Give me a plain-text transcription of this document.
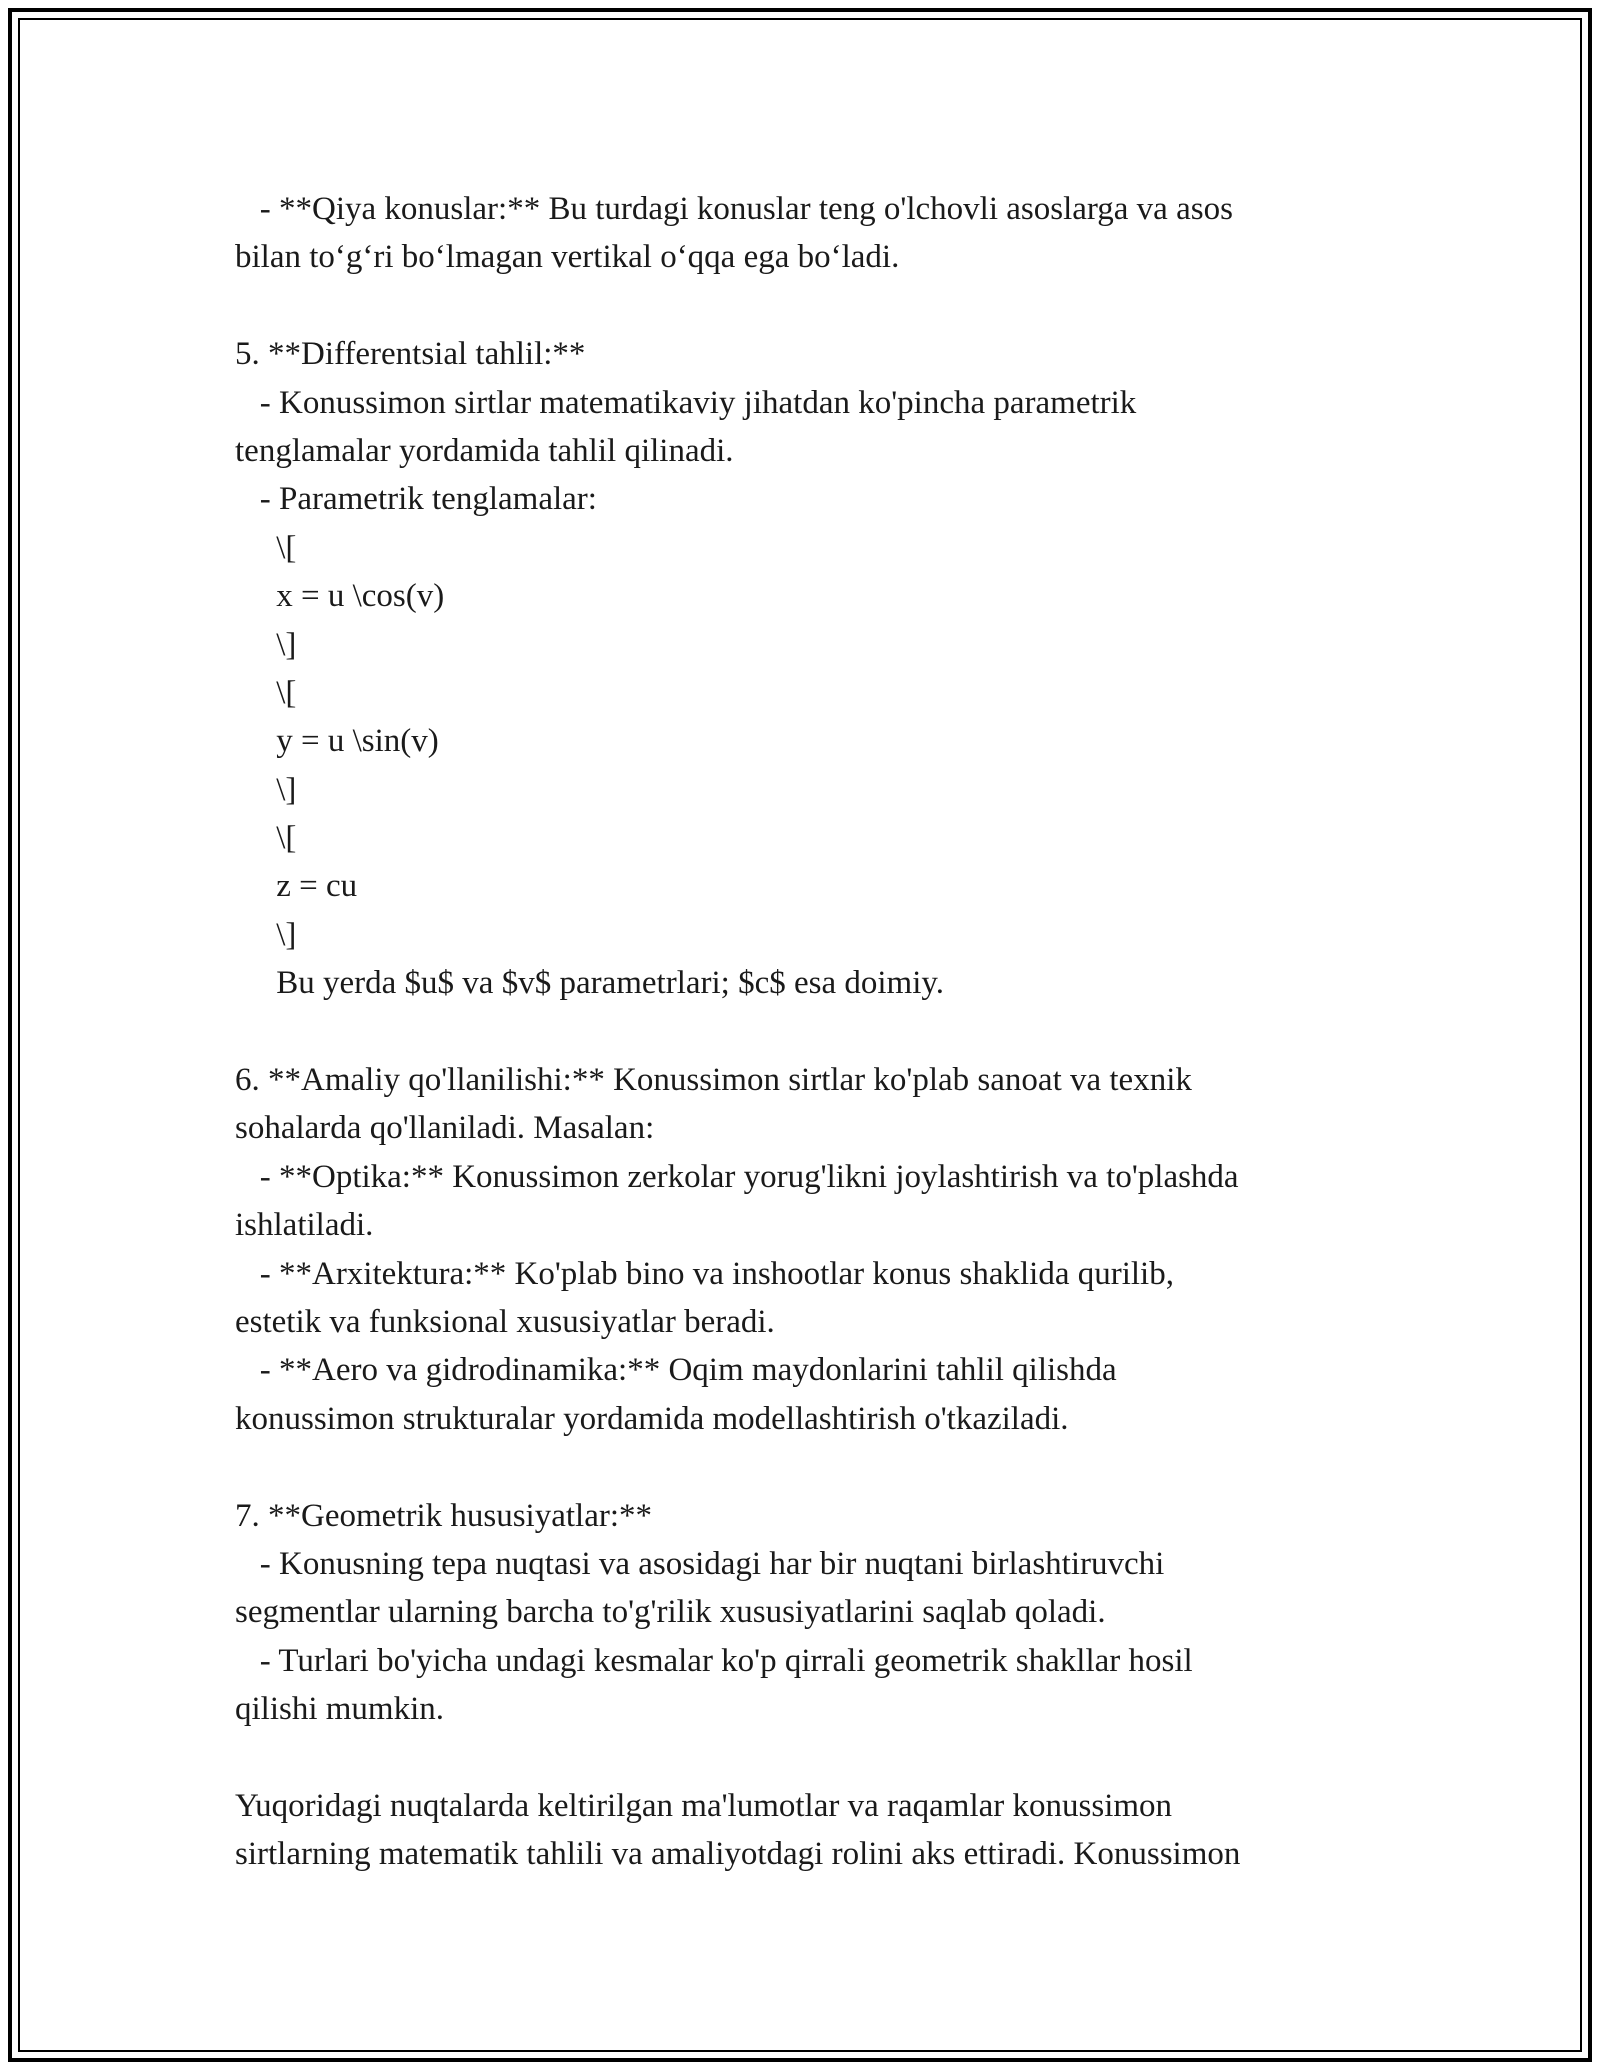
- **Qiya konuslar:** Bu turdagi konuslar teng o'lchovli asoslarga va asos
bilan to‘g‘ri bo‘lmagan vertikal o‘qqa ega bo‘ladi.
5. **Differentsial tahlil:**
- Konussimon sirtlar matematikaviy jihatdan ko'pincha parametrik
tenglamalar yordamida tahlil qilinadi.
- Parametrik tenglamalar:
\[
x = u \cos(v)
\]
\[
y = u \sin(v)
\]
\[
z = cu
\]
Bu yerda $u$ va $v$ parametrlari; $c$ esa doimiy.
6. **Amaliy qo'llanilishi:** Konussimon sirtlar ko'plab sanoat va texnik
sohalarda qo'llaniladi. Masalan:
- **Optika:** Konussimon zerkolar yorug'likni joylashtirish va to'plashda
ishlatiladi.
- **Arxitektura:** Ko'plab bino va inshootlar konus shaklida qurilib,
estetik va funksional xususiyatlar beradi.
- **Aero va gidrodinamika:** Oqim maydonlarini tahlil qilishda
konussimon strukturalar yordamida modellashtirish o'tkaziladi.
7. **Geometrik hususiyatlar:**
- Konusning tepa nuqtasi va asosidagi har bir nuqtani birlashtiruvchi
segmentlar ularning barcha to'g'rilik xususiyatlarini saqlab qoladi.
- Turlari bo'yicha undagi kesmalar ko'p qirrali geometrik shakllar hosil
qilishi mumkin.
Yuqoridagi nuqtalarda keltirilgan ma'lumotlar va raqamlar konussimon
sirtlarning matematik tahlili va amaliyotdagi rolini aks ettiradi. Konussimon
